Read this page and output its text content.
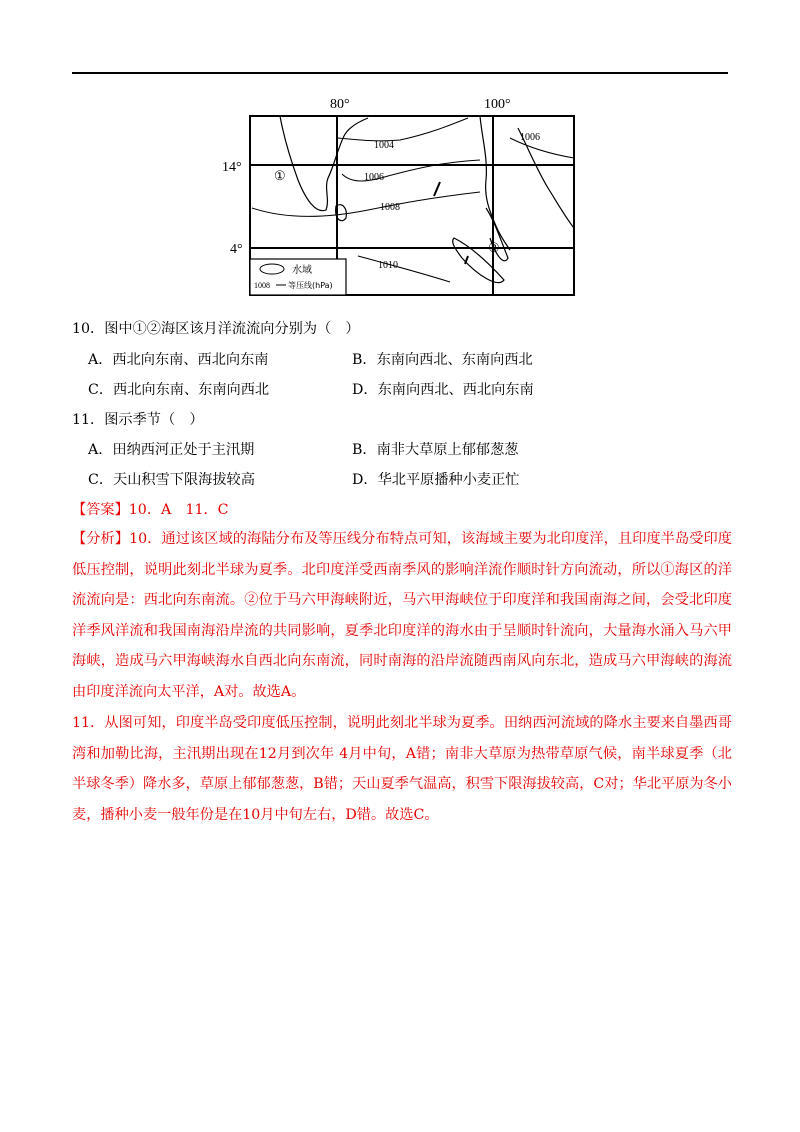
80°	100°
14°
4°
1004
1006
1008
1010
1006
①
②
水域
1008 等压线(hPa)
10．图中①②海区该月洋流流向分别为（　）
A．西北向东南、西北向东南	B．东南向西北、东南向西北
C．西北向东南、东南向西北	D．东南向西北、西北向东南
11．图示季节（　）
A．田纳西河正处于主汛期	B．南非大草原上郁郁葱葱
C．天山积雪下限海拔较高	D．华北平原播种小麦正忙
【答案】10．A　11．C
【分析】10．通过该区域的海陆分布及等压线分布特点可知，该海域主要为北印度洋，且印度半岛受印度低压控制，说明此刻北半球为夏季。北印度洋受西南季风的影响洋流作顺时针方向流动，所以①海区的洋流流向是：西北向东南流。②位于马六甲海峡附近，马六甲海峡位于印度洋和我国南海之间，会受北印度洋季风洋流和我国南海沿岸流的共同影响，夏季北印度洋的海水由于呈顺时针流向，大量海水涌入马六甲海峡，造成马六甲海峡海水自西北向东南流，同时南海的沿岸流随西南风向东北，造成马六甲海峡的海流由印度洋流向太平洋，A对。故选A。
11．从图可知，印度半岛受印度低压控制，说明此刻北半球为夏季。田纳西河流域的降水主要来自墨西哥湾和加勒比海，主汛期出现在12月到次年 4月中旬，A错；南非大草原为热带草原气候，南半球夏季（北半球冬季）降水多，草原上郁郁葱葱，B错；天山夏季气温高，积雪下限海拔较高，C对；华北平原为冬小麦，播种小麦一般年份是在10月中旬左右，D错。故选C。
